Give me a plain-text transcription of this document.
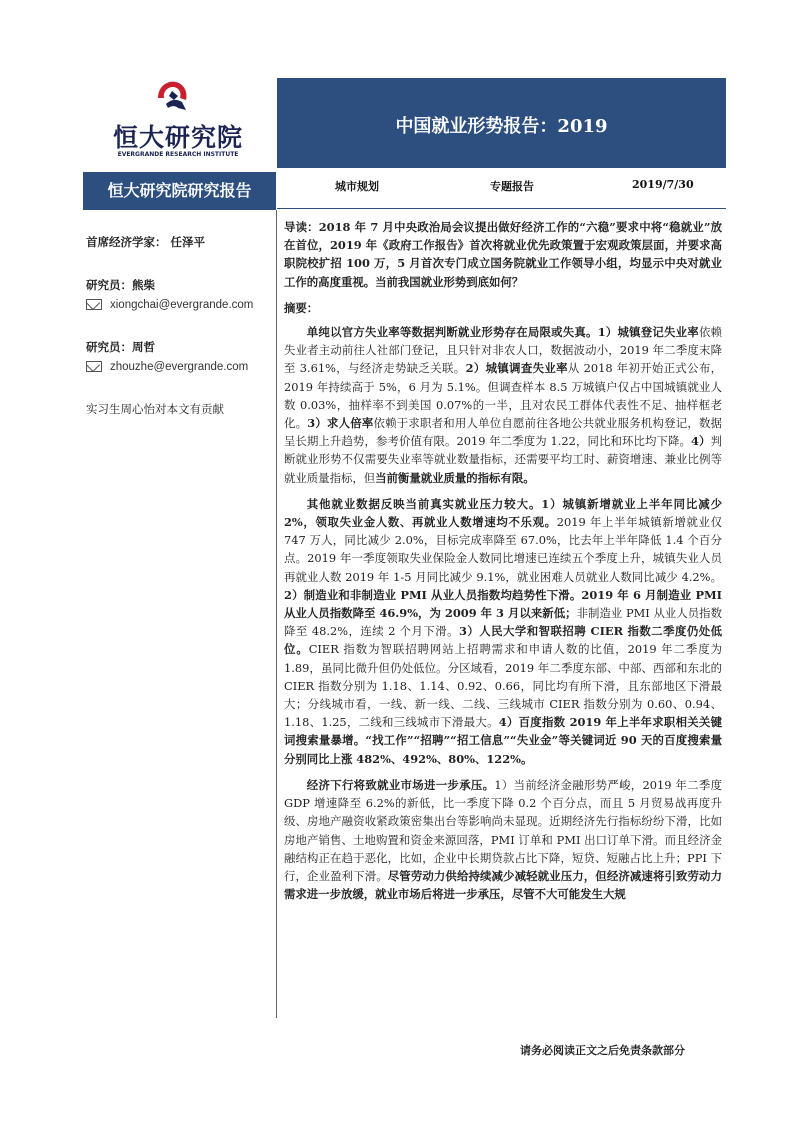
恒大研究院
EVERGRANDE RESEARCH INSTITUTE
中国就业形势报告：2019
恒大研究院研究报告	城市规划	专题报告	2019/7/30
首席经济学家： 任泽平
研究员：熊柴
xiongchai@evergrande.com
研究员：周哲
zhouzhe@evergrande.com
实习生周心怡对本文有贡献

导读：2018 年 7 月中央政治局会议提出做好经济工作的“六稳”要求中将“稳就业”放在首位，2019 年《政府工作报告》首次将就业优先政策置于宏观政策层面，并要求高职院校扩招 100 万，5 月首次专门成立国务院就业工作领导小组，均显示中央对就业工作的高度重视。当前我国就业形势到底如何？

摘要：

单纯以官方失业率等数据判断就业形势存在局限或失真。1）城镇登记失业率依赖失业者主动前往人社部门登记，且只针对非农人口，数据波动小，2019 年二季度末降至 3.61%，与经济走势缺乏关联。2）城镇调查失业率从 2018 年初开始正式公布，2019 年持续高于 5%，6 月为 5.1%。但调查样本 8.5 万城镇户仅占中国城镇就业人数 0.03%，抽样率不到美国 0.07%的一半，且对农民工群体代表性不足、抽样框老化。3）求人倍率依赖于求职者和用人单位自愿前往各地公共就业服务机构登记，数据呈长期上升趋势，参考价值有限。2019 年二季度为 1.22，同比和环比均下降。4）判断就业形势不仅需要失业率等就业数量指标，还需要平均工时、薪资增速、兼业比例等就业质量指标，但当前衡量就业质量的指标有限。

其他就业数据反映当前真实就业压力较大。1）城镇新增就业上半年同比减少 2%，领取失业金人数、再就业人数增速均不乐观。2019 年上半年城镇新增就业仅 747 万人，同比减少 2.0%，目标完成率降至 67.0%，比去年上半年降低 1.4 个百分点。2019 年一季度领取失业保险金人数同比增速已连续五个季度上升，城镇失业人员再就业人数 2019 年 1-5 月同比减少 9.1%，就业困难人员就业人数同比减少 4.2%。2）制造业和非制造业 PMI 从业人员指数均趋势性下滑。2019 年 6 月制造业 PMI 从业人员指数降至 46.9%，为 2009 年 3 月以来新低；非制造业 PMI 从业人员指数降至 48.2%，连续 2 个月下滑。3）人民大学和智联招聘 CIER 指数二季度仍处低位。CIER 指数为智联招聘网站上招聘需求和申请人数的比值，2019 年二季度为 1.89，虽同比微升但仍处低位。分区域看，2019 年二季度东部、中部、西部和东北的 CIER 指数分别为 1.18、1.14、0.92、0.66，同比均有所下滑，且东部地区下滑最大；分线城市看，一线、新一线、二线、三线城市 CIER 指数分别为 0.60、0.94、1.18、1.25，二线和三线城市下滑最大。4）百度指数 2019 年上半年求职相关关键词搜索量暴增。“找工作”“招聘”“招工信息”“失业金”等关键词近 90 天的百度搜索量分别同比上涨 482%、492%、80%、122%。

经济下行将致就业市场进一步承压。1）当前经济金融形势严峻，2019 年二季度 GDP 增速降至 6.2%的新低，比一季度下降 0.2 个百分点，而且 5 月贸易战再度升级、房地产融资收紧政策密集出台等影响尚未显现。近期经济先行指标纷纷下滑，比如房地产销售、土地购置和资金来源回落，PMI 订单和 PMI 出口订单下滑。而且经济金融结构正在趋于恶化，比如，企业中长期贷款占比下降，短贷、短融占比上升；PPI 下行，企业盈利下滑。尽管劳动力供给持续减少减轻就业压力，但经济减速将引致劳动力需求进一步放缓，就业市场后将进一步承压，尽管不大可能发生大规

请务必阅读正文之后免责条款部分
